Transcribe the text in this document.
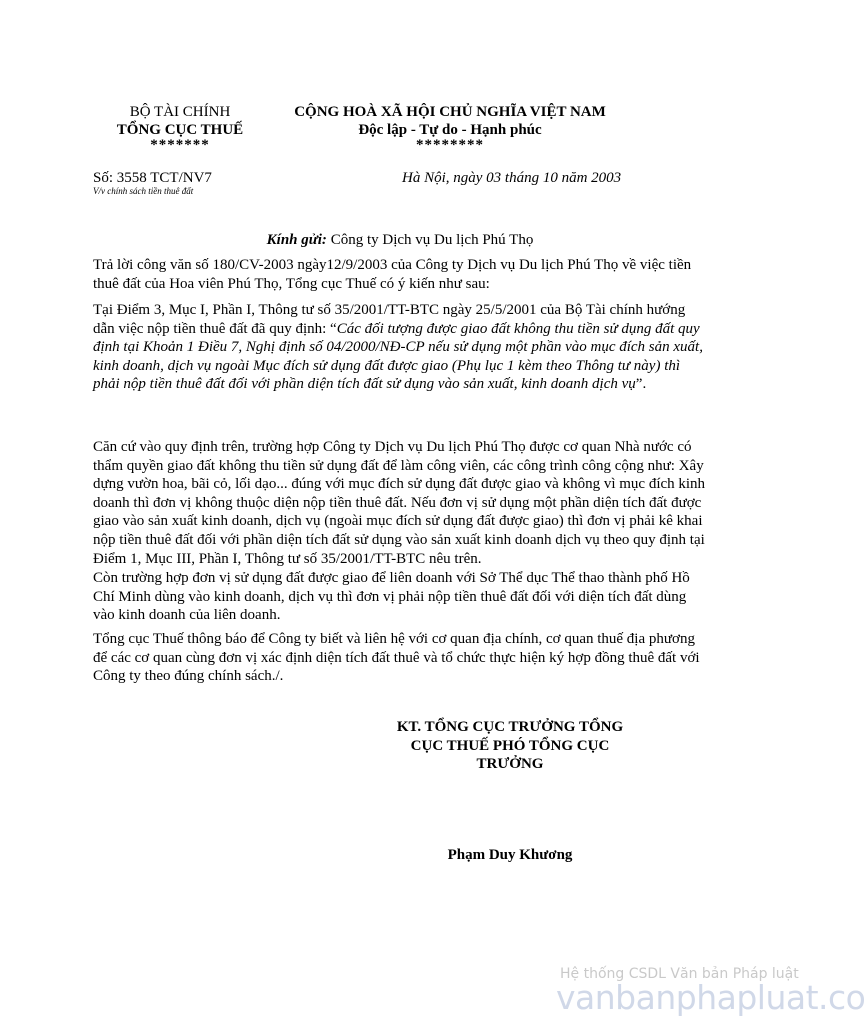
BỘ TÀI CHÍNH
TỔNG CỤC THUẾ
*******
CỘNG HOÀ XÃ HỘI CHỦ NGHĨA VIỆT NAM
Độc lập - Tự do - Hạnh phúc
********
Số: 3558 TCT/NV7
V/v chính sách tiền thuê đất
Hà Nội, ngày 03 tháng 10 năm 2003
Kính gửi: Công ty Dịch vụ Du lịch Phú Thọ
Trả lời công văn số 180/CV-2003 ngày12/9/2003 của Công ty Dịch vụ Du lịch Phú Thọ về việc tiền thuê đất của Hoa viên Phú Thọ, Tổng cục Thuế có ý kiến như sau:
Tại Điểm 3, Mục I, Phần I, Thông tư số 35/2001/TT-BTC ngày 25/5/2001 của Bộ Tài chính hướng dẫn việc nộp tiền thuê đất đã quy định: “Các đối tượng được giao đất không thu tiền sử dụng đất quy định tại Khoản 1 Điều 7, Nghị định số 04/2000/NĐ-CP nếu sử dụng một phần vào mục đích sản xuất, kinh doanh, dịch vụ ngoài Mục đích sử dụng đất được giao (Phụ lục 1 kèm theo Thông tư này) thì phải nộp tiền thuê đất đối với phần diện tích đất sử dụng vào sản xuất, kinh doanh dịch vụ”.
Căn cứ vào quy định trên, trường hợp Công ty Dịch vụ Du lịch Phú Thọ được cơ quan Nhà nước có thẩm quyền giao đất không thu tiền sử dụng đất để làm công viên, các công trình công cộng như: Xây dựng vườn hoa, bãi cỏ, lối dạo... đúng với mục đích sử dụng đất được giao và không vì mục đích kinh doanh thì đơn vị không thuộc diện nộp tiền thuê đất. Nếu đơn vị sử dụng một phần diện tích đất được giao vào sản xuất kinh doanh, dịch vụ (ngoài mục đích sử dụng đất được giao) thì đơn vị phải kê khai nộp tiền thuê đất đối với phần diện tích đất sử dụng vào sản xuất kinh doanh dịch vụ theo quy định tại Điểm 1, Mục III, Phần I, Thông tư số 35/2001/TT-BTC nêu trên.
Còn trường hợp đơn vị sử dụng đất được giao để liên doanh với Sở Thể dục Thể thao thành phố Hồ Chí Minh dùng vào kinh doanh, dịch vụ thì đơn vị phải nộp tiền thuê đất đối với diện tích đất dùng vào kinh doanh của liên doanh.
Tổng cục Thuế thông báo để Công ty biết và liên hệ với cơ quan địa chính, cơ quan thuế địa phương để các cơ quan cùng đơn vị xác định diện tích đất thuê và tổ chức thực hiện ký hợp đồng thuê đất với Công ty theo đúng chính sách./.
KT. TỔNG CỤC TRƯỞNG TỔNG
CỤC THUẾ PHÓ TỔNG CỤC
TRƯỞNG
Phạm Duy Khương
Hệ thống CSDL Văn bản Pháp luật
vanbanphapluat.co
